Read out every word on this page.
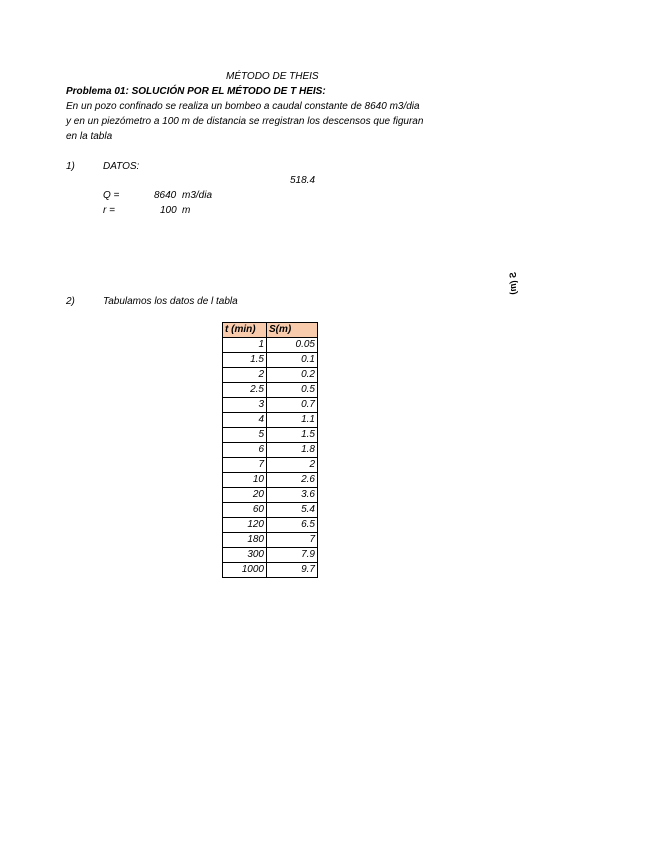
MÉTODO DE THEIS
Problema 01: SOLUCIÓN POR EL MÉTODO DE T HEIS:
En un pozo confinado se realiza un bombeo a caudal constante de 8640 m3/dia
y en un piezómetro a 100 m de distancia se rregistran los descensos que figuran
en la tabla
1)	DATOS:
518.4
Q =	8640 m3/dia
r =	100 m
S (m)
2)	Tabulamos los datos de l tabla
t (min)	S(m)
1	0.05
1.5	0.1
2	0.2
2.5	0.5
3	0.7
4	1.1
5	1.5
6	1.8
7	2
10	2.6
20	3.6
60	5.4
120	6.5
180	7
300	7.9
1000	9.7
